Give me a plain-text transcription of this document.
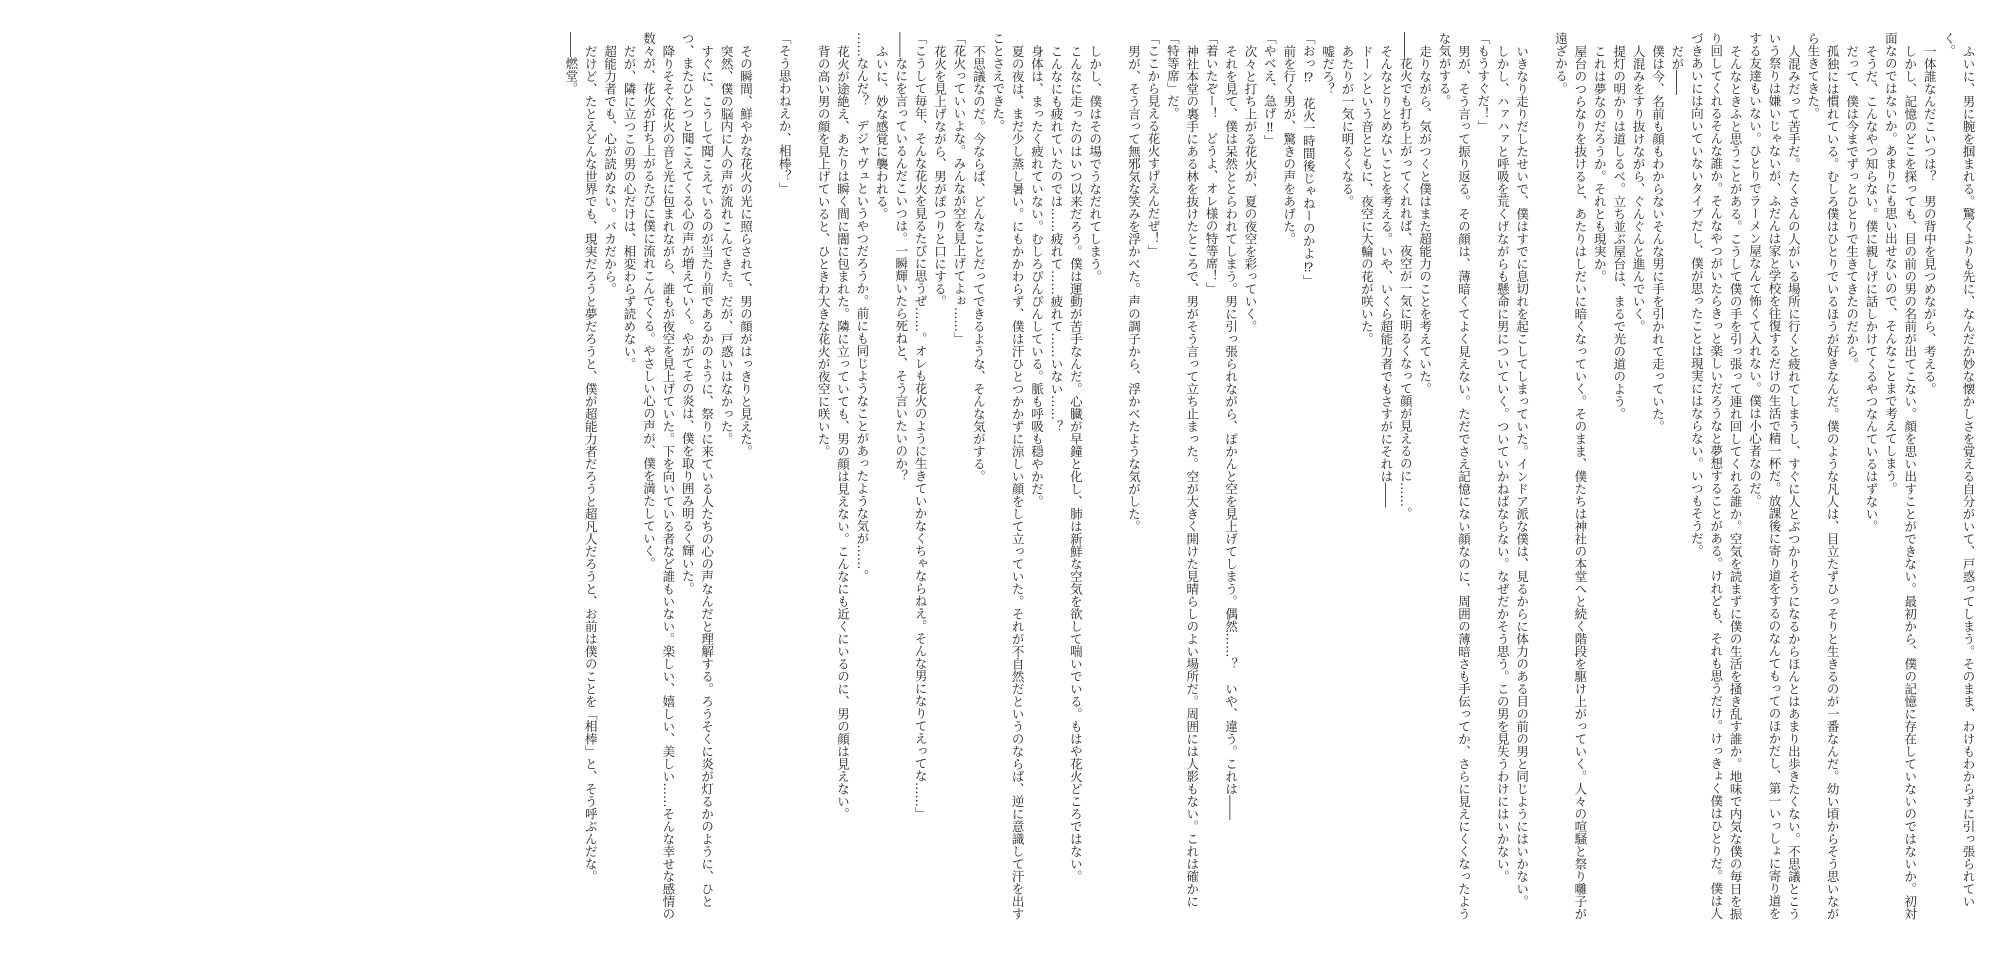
ふいに、男に腕を掴まれる。驚くよりも先に、なんだか妙な懐かしさを覚える自分がいて、戸惑ってしまう。そのまま、わけもわからずに引っ張られていく。

一体誰なんだこいつは？　男の背中を見つめながら、考える。

しかし、記憶のどこを探っても、目の前の男の名前が出てこない。顔を思い出すことができない。最初から、僕の記憶に存在していないのではないか。初対面なのではないか。あまりにも思い出せないので、そんなことまで考えてしまう。

そうだ、こんなやつ知らない。僕に親しげに話しかけてくるやつなんているはずない。

だって、僕は今までずっとひとりで生きてきたのだから。

孤独には慣れている。むしろ僕はひとりでいるほうが好きなんだ。僕のような凡人は、目立たずひっそりと生きるのが一番なんだ。幼い頃からそう思いながら生きてきた。

人混みだって苦手だ。たくさんの人がいる場所に行くと疲れてしまうし、すぐに人とぶつかりそうになるからほんとはあまり出歩きたくない。不思議とこういう祭りは嫌いじゃないが、ふだんは家と学校を往復するだけの生活で精一杯だ。放課後に寄り道をするのなんてもってのほかだし、第一いっしょに寄り道をする友達もいない。ひとりでラーメン屋なんて怖くて入れない。僕は小心者なのだ。

そんなときふと思うことがある。こうして僕の手を引っ張って連れ回してくれる誰か。空気を読まずに僕の生活を掻き乱す誰か。地味で内気な僕の毎日を振り回してくれるそんな誰か。そんなやつがいたらきっと楽しいだろうなと夢想することがある。けれども、それも思うだけ。けっきょく僕はひとりだ。僕は人づきあいには向いていないタイプだし、僕が思ったことは現実にはならない。いつもそうだ。

だが――

僕は今、名前も顔もわからないそんな男に手を引かれて走っていた。

人混みをすり抜けながら、ぐんぐんと進んでいく。

提灯の明かりは道しるべ。立ち並ぶ屋台は、まるで光の道のよう。

これは夢なのだろうか。それとも現実か。

屋台のつらなりを抜けると、あたりはしだいに暗くなっていく。そのまま、僕たちは神社の本堂へと続く階段を駆け上がっていく。人々の喧騒と祭り囃子が遠ざかる。

いきなり走りだしたせいで、僕はすでに息切れを起こしてしまっていた。インドア派な僕は、見るからに体力のある目の前の男と同じようにはいかない。

しかし、ハァハァと呼吸を荒くげながらも懸命に男についていく。ついていかねばならない。なぜだかそう思う。この男を見失うわけにはいかない。

「もうすぐだ！」

男が、そう言って振り返る。その顔は、薄暗くてよく見えない。ただでさえ記憶にない顔なのに、周囲の薄暗さも手伝ってか、さらに見えにくくなったような気がする。

走りながら、気がつくと僕はまた超能力のことを考えていた。

――花火でも打ち上がってくれれば、夜空が一気に明るくなって顔が見えるのに……。

そんなとりとめないことを考える。いや、いくら超能力者でもさすがにそれは――

ドーンという音とともに、夜空に大輪の花が咲いた。

あたりが一気に明るくなる。

嘘だろ？

「おっ⁉　花火一時間後じゃねーのかよ⁉」

前を行く男が、驚きの声をあげた。

「やべえ、急げ‼」

次々と打ち上がる花火が、夏の夜空を彩っていく。

それを見て、僕は呆然ととらわれてしまう。男に引っ張られながら、ぽかんと空を見上げてしまう。偶然……？　いや、違う。これは――

「着いたぞー！　どうよ、オレ様の特等席！」

神社本堂の裏手にある林を抜けたところで、男がそう言って立ち止まった。空が大きく開けた見晴らしのよい場所だ。周囲には人影もない。これは確かに「特等席」だ。

「ここから見える花火すげえんだぜ！」

男が、そう言って無邪気な笑みを浮かべた。声の調子から、浮かべたような気がした。

しかし、僕はその場でうなだれてしまう。

こんなに走ったのはいつ以来だろう。僕は運動が苦手なんだ。心臓が早鐘と化し、肺は新鮮な空気を欲して喘いでいる。もはや花火どころではない。

こんなにも疲れていたのでは……疲れて……疲れて……いない……？

身体は、まったく疲れていない。むしろぴんぴんしている。脈も呼吸も穏やかだ。

夏の夜は、まだ少し蒸し暑い。にもかかわらず、僕は汗ひとつかかずに涼しい顔をして立っていた。それが不自然だというのならば、逆に意識して汗を出すことさえできた。

不思議なのだ。今ならば、どんなことだってできるような、そんな気がする。

「花火っていいよな。みんなが空を見上げてよぉ……」

花火を見上げながら、男がぽつりと口にする。

「こうして毎年、そんな花火を見るたびに思うぜ……。オレも花火のように生きていかなくちゃならねえ。そんな男になりてえってな……」

――なにを言っているんだこいつは。一瞬輝いたら死ねと、そう言いたいのか？

ふいに、妙な感覚に襲われる。

……なんだ？　デジャヴュというやつだろうか。前にも同じようなことがあったような気が……。

花火が途絶え、あたりは瞬く間に闇に包まれた。隣に立っていても、男の顔は見えない。こんなにも近くにいるのに、男の顔は見えない。

背の高い男の顔を見上げていると、ひときわ大きな花火が夜空に咲いた。

「そう思わねえか、相棒？」

その瞬間、鮮やかな花火の光に照らされて、男の顔がはっきりと見えた。

突然、僕の脳内に人の声が流れこんできた。だが、戸惑いはなかった。

すぐに、こうして聞こえているのが当たり前であるかのように、祭りに来ている人たちの心の声なんだと理解する。ろうそくに炎が灯るかのように、ひとつ、またひとつと聞こえてくる心の声が増えていく。やがてその炎は、僕を取り囲み明るく輝いた。

降りそそぐ花火の音と光に包まれながら、誰もが夜空を見上げていた。下を向いている者など誰もいない。楽しい、嬉しい、美しい……そんな幸せな感情の数々が、花火が打ち上がるたびに僕に流れこんでくる。やさしい心の声が、僕を満たしていく。

だが、隣に立つこの男の心だけは、相変わらず読めない。

超能力者でも、心が読めない。バカだから。

だけど、たとえどんな世界でも、現実だろうと夢だろうと、僕が超能力者だろうと超凡人だろうと、お前は僕のことを「相棒」と、そう呼ぶんだな。

――燃堂。
